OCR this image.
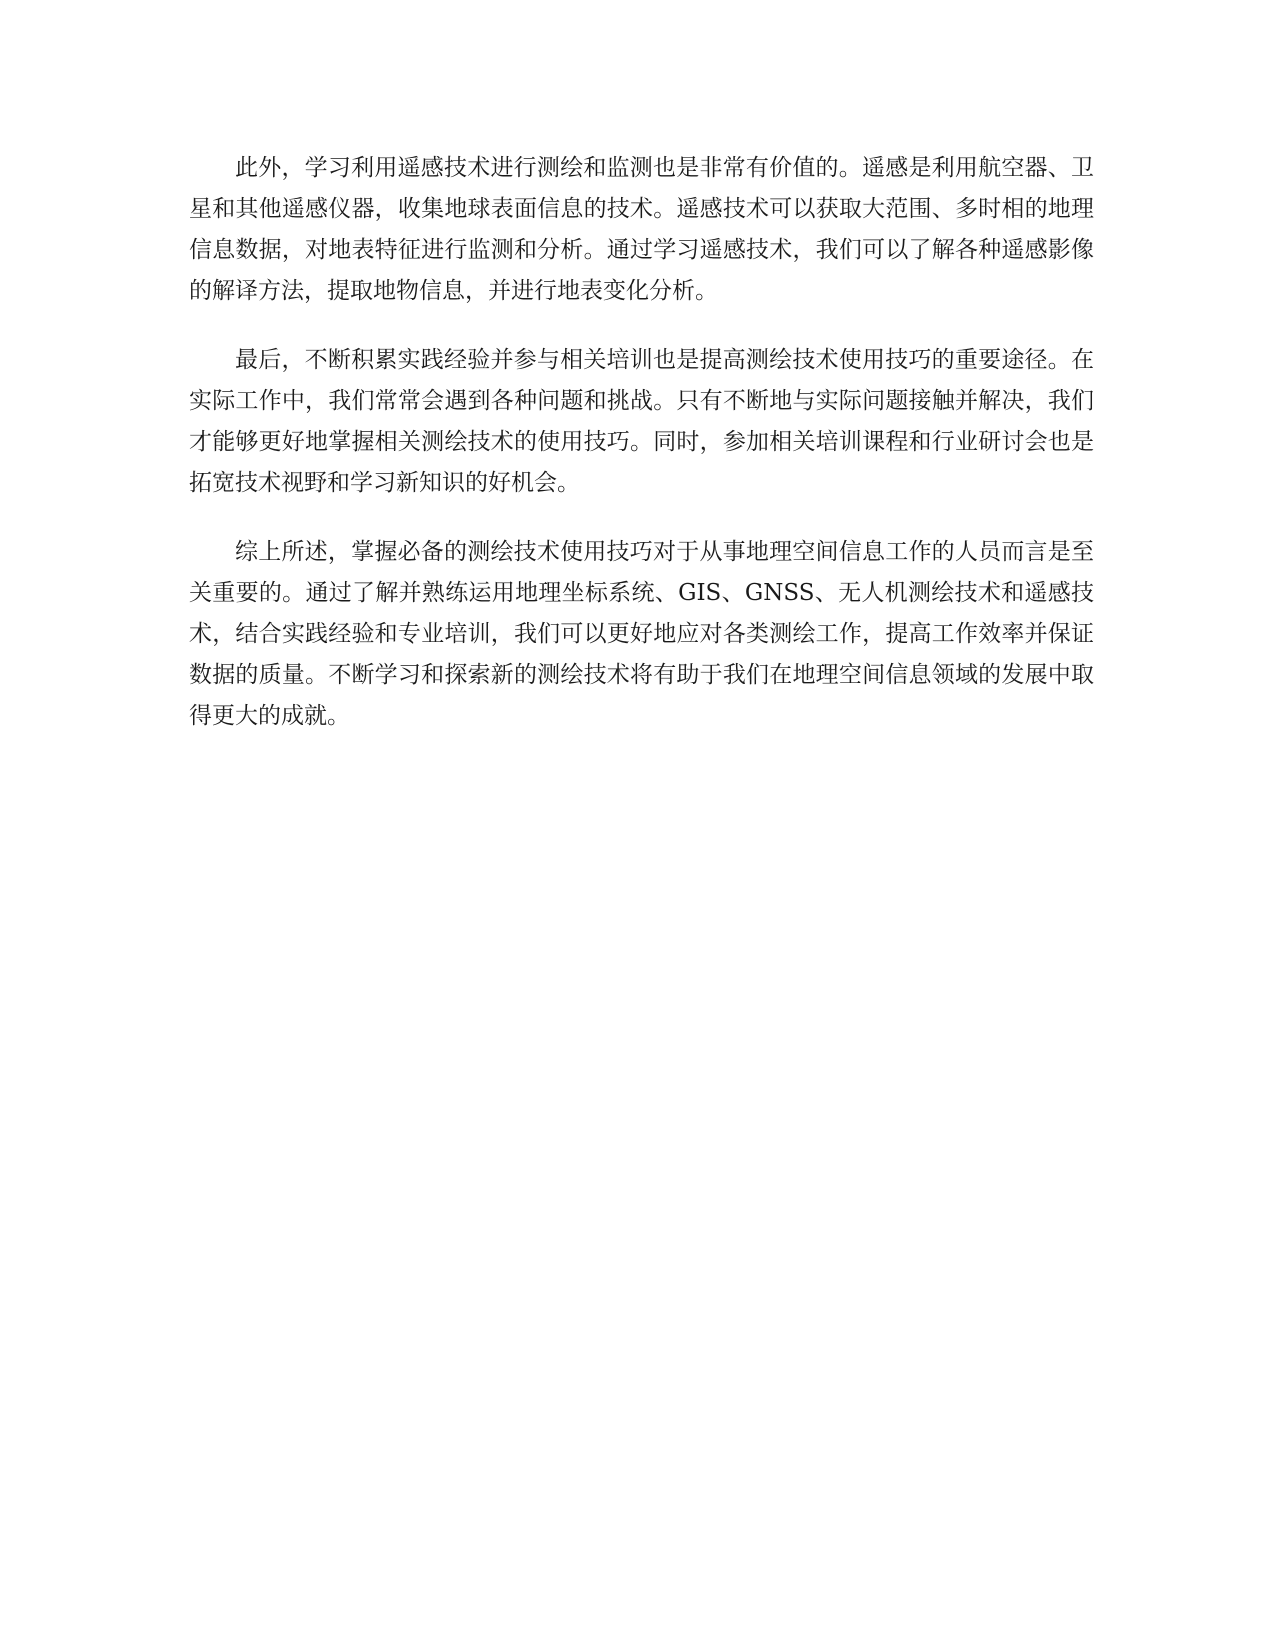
此外，学习利用遥感技术进行测绘和监测也是非常有价值的。遥感是利用航空器、卫星和其他遥感仪器，收集地球表面信息的技术。遥感技术可以获取大范围、多时相的地理信息数据，对地表特征进行监测和分析。通过学习遥感技术，我们可以了解各种遥感影像的解译方法，提取地物信息，并进行地表变化分析。

最后，不断积累实践经验并参与相关培训也是提高测绘技术使用技巧的重要途径。在实际工作中，我们常常会遇到各种问题和挑战。只有不断地与实际问题接触并解决，我们才能够更好地掌握相关测绘技术的使用技巧。同时，参加相关培训课程和行业研讨会也是拓宽技术视野和学习新知识的好机会。

综上所述，掌握必备的测绘技术使用技巧对于从事地理空间信息工作的人员而言是至关重要的。通过了解并熟练运用地理坐标系统、GIS、GNSS、无人机测绘技术和遥感技术，结合实践经验和专业培训，我们可以更好地应对各类测绘工作，提高工作效率并保证数据的质量。不断学习和探索新的测绘技术将有助于我们在地理空间信息领域的发展中取得更大的成就。
